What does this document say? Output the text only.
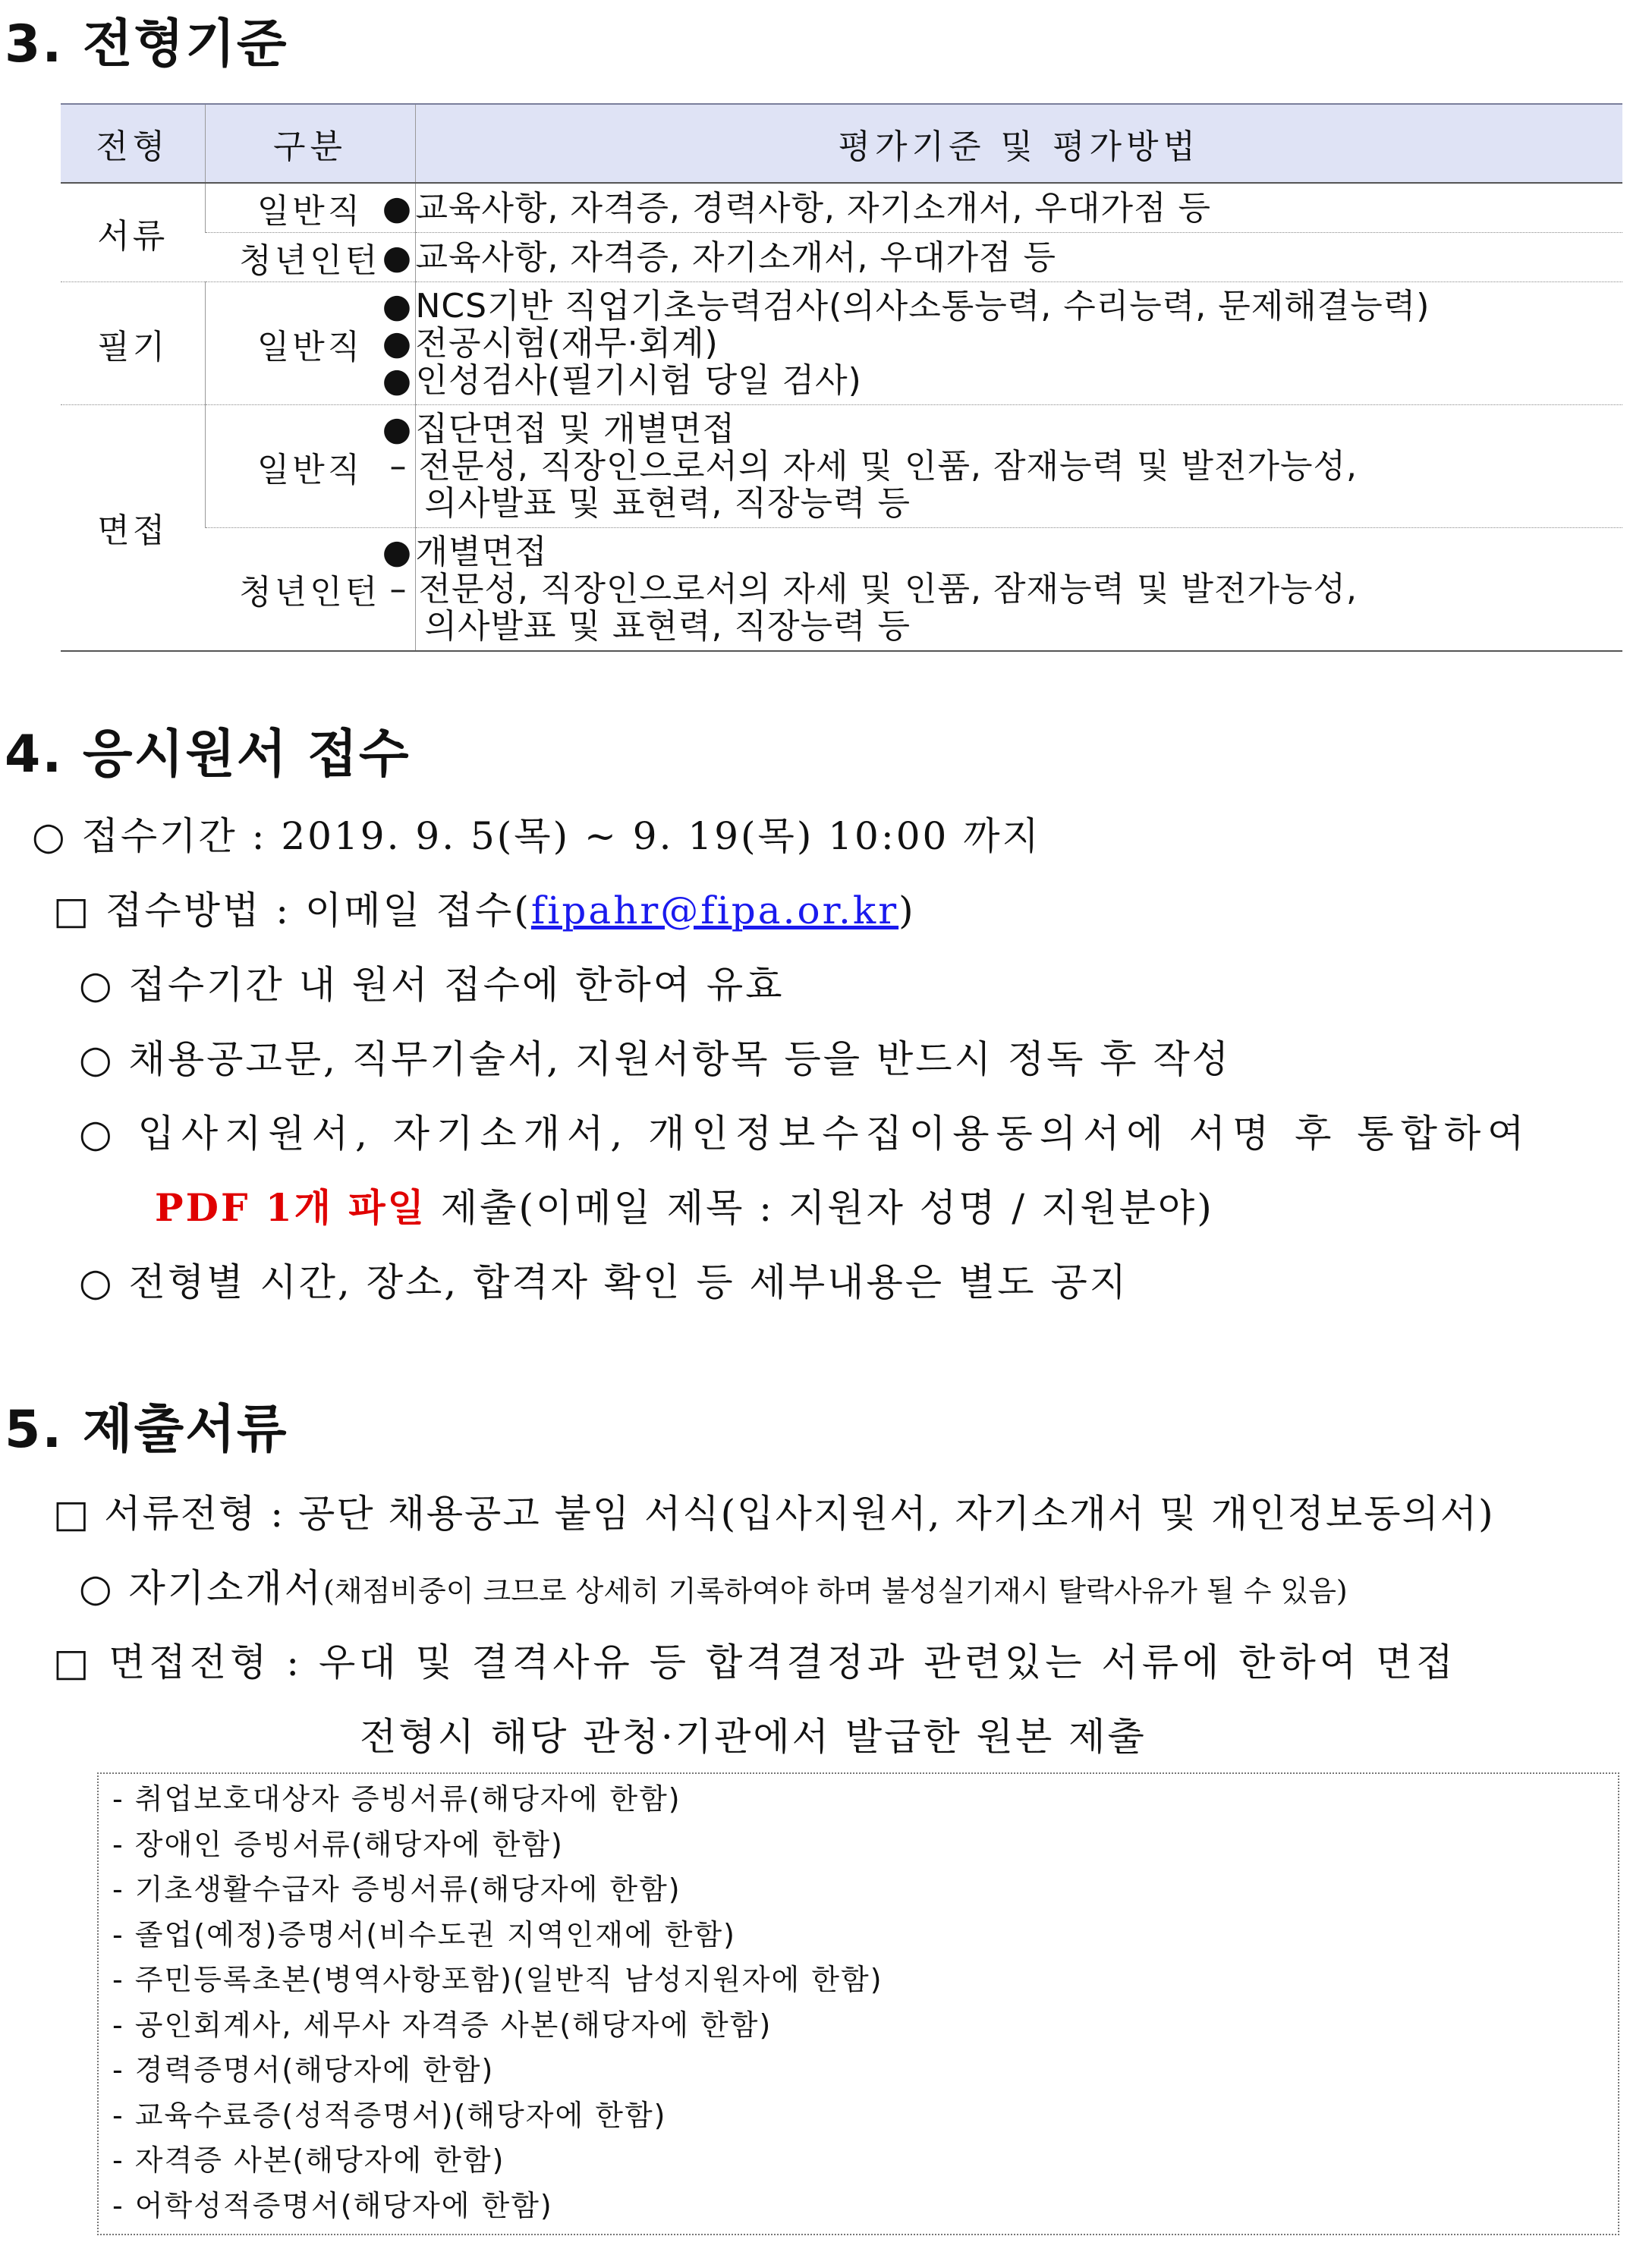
3. 전형기준
전형	구분	평가기준 및 평가방법
서류	일반직	●교육사항, 자격증, 경력사항, 자기소개서, 우대가점 등

	청년인턴	●교육사항, 자격증, 자기소개서, 우대가점 등

필기	일반직	●NCS기반 직업기초능력검사(의사소통능력, 수리능력, 문제해결능력)
●전공시험(재무·회계)
●인성검사(필기시험 당일 검사)

면접	일반직	●집단면접 및 개별면접
– 전문성, 직장인으로서의 자세 및 인품, 잠재능력 및 발전가능성,
의사발표 및 표현력, 직장능력 등

	청년인턴	●개별면접
– 전문성, 직장인으로서의 자세 및 인품, 잠재능력 및 발전가능성,
의사발표 및 표현력, 직장능력 등
4. 응시원서 접수
○ 접수기간 : 2019. 9. 5(목) ~ 9. 19(목) 10:00 까지
□ 접수방법 : 이메일 접수(fipahr@fipa.or.kr)
○ 접수기간 내 원서 접수에 한하여 유효
○ 채용공고문, 직무기술서, 지원서항목 등을 반드시 정독 후 작성
○ 입사지원서, 자기소개서, 개인정보수집이용동의서에 서명 후 통합하여
PDF 1개 파일 제출(이메일 제목 : 지원자 성명 / 지원분야)
○ 전형별 시간, 장소, 합격자 확인 등 세부내용은 별도 공지
5. 제출서류
□ 서류전형 : 공단 채용공고 붙임 서식(입사지원서, 자기소개서 및 개인정보동의서)
○ 자기소개서(채점비중이 크므로 상세히 기록하여야 하며 불성실기재시 탈락사유가 될 수 있음)
□ 면접전형 : 우대 및 결격사유 등 합격결정과 관련있는 서류에 한하여 면접
전형시 해당 관청·기관에서 발급한 원본 제출
- 취업보호대상자 증빙서류(해당자에 한함)
- 장애인 증빙서류(해당자에 한함)
- 기초생활수급자 증빙서류(해당자에 한함)
- 졸업(예정)증명서(비수도권 지역인재에 한함)
- 주민등록초본(병역사항포함)(일반직 남성지원자에 한함)
- 공인회계사, 세무사 자격증 사본(해당자에 한함)
- 경력증명서(해당자에 한함)
- 교육수료증(성적증명서)(해당자에 한함)
- 자격증 사본(해당자에 한함)
- 어학성적증명서(해당자에 한함)
